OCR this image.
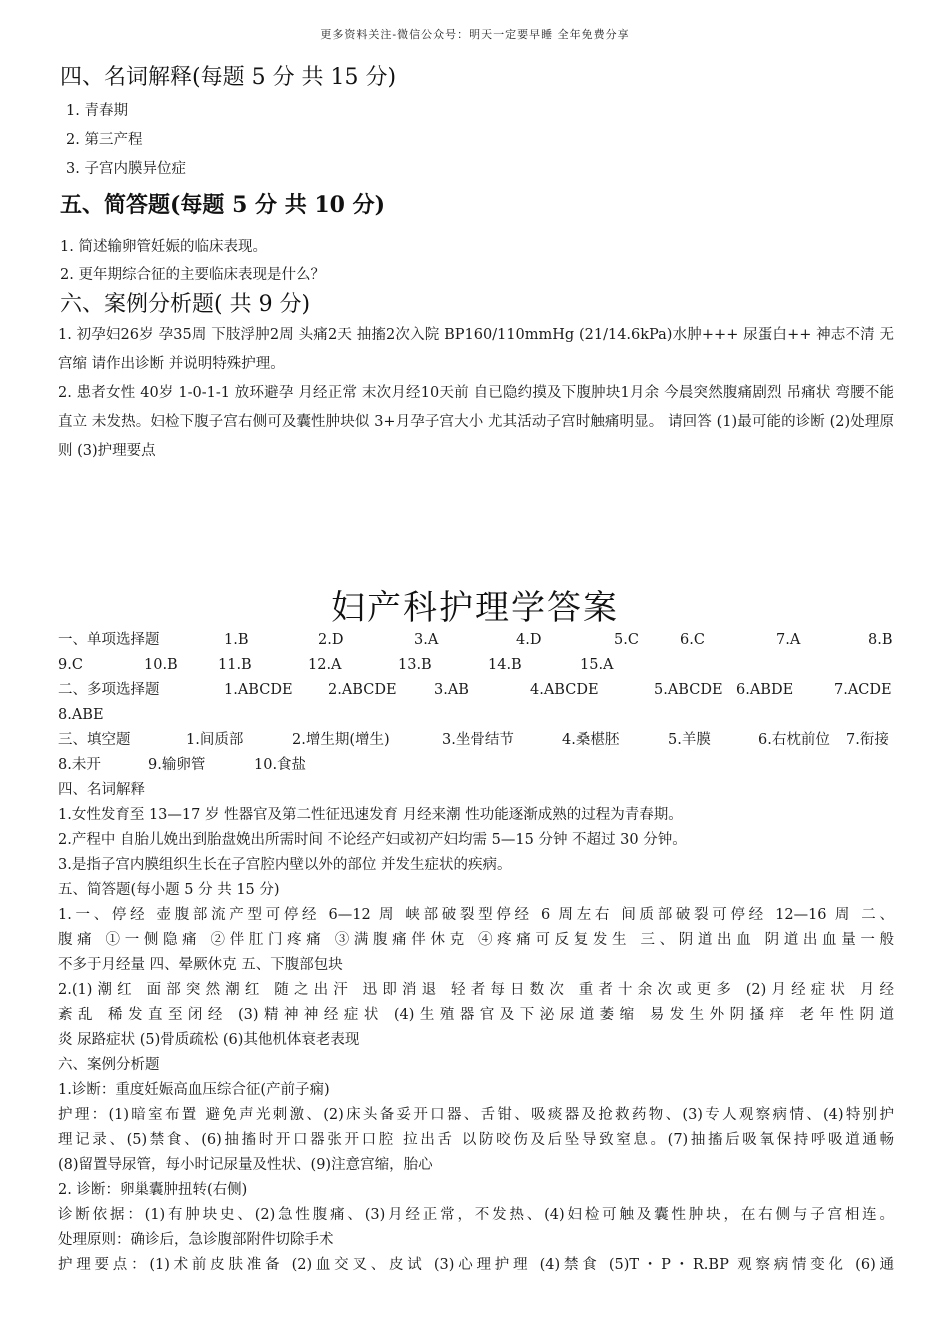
更多资料关注-微信公众号：明天一定要早睡 全年免费分享
四、名词解释(每题 5 分 共 15 分)
1. 青春期
2. 第三产程
3. 子宫内膜异位症
五、简答题(每题 5 分 共 10 分)
1. 简述输卵管妊娠的临床表现。
2. 更年期综合征的主要临床表现是什么？
六、案例分析题( 共 9 分)
1. 初孕妇26岁 孕35周 下肢浮肿2周 头痛2天 抽搐2次入院 BP160/110mmHg (21/14.6kPa)水肿+++ 尿蛋白++ 神志不清 无宫缩 请作出诊断 并说明特殊护理。
2. 患者女性 40岁 1-0-1-1 放环避孕 月经正常 末次月经10天前 自已隐约摸及下腹肿块1月余 今晨突然腹痛剧烈 吊痛状 弯腰不能直立 未发热。妇检下腹子宫右侧可及囊性肿块似 3+月孕子宫大小 尤其活动子宫时触痛明显。 请回答 (1)最可能的诊断 (2)处理原则 (3)护理要点
妇产科护理学答案
一、单项选择题	1.B	2.D	3.A	4.D	5.C	6.C	7.A	8.B
9.C	10.B	11.B	12.A	13.B	14.B	15.A
二、多项选择题	1.ABCDE 2.ABCDE	3.AB	4.ABCDE	5.ABCDE 6.ABDE	7.ACDE
8.ABE
三、填空题	1.间质部	2.增生期(增生)	3.坐骨结节	4.桑椹胚	5.羊膜	6.右枕前位 7.衔接
8.未开	9.输卵管	10.食盐
四、名词解释
1.女性发育至 13—17 岁 性器官及第二性征迅速发育 月经来潮 性功能逐渐成熟的过程为青春期。
2.产程中 自胎儿娩出到胎盘娩出所需时间 不论经产妇或初产妇均需 5—15 分钟 不超过 30 分钟。
3.是指子宫内膜组织生长在子宫腔内壁以外的部位 并发生症状的疾病。
五、简答题(每小题 5 分 共 15 分)
1.一、停经 壶腹部流产型可停经 6—12 周 峡部破裂型停经 6 周左右 间质部破裂可停经 12—16 周 二、
腹痛 ①一侧隐痛 ②伴肛门疼痛 ③满腹痛伴休克 ④疼痛可反复发生 三、阴道出血 阴道出血量一般
不多于月经量 四、晕厥休克 五、下腹部包块
2.(1)潮红 面部突然潮红 随之出汗 迅即消退 轻者每日数次 重者十余次或更多 (2)月经症状 月经
紊乱 稀发直至闭经 (3)精神神经症状 (4)生殖器官及下泌尿道萎缩 易发生外阴搔痒 老年性阴道
炎 尿路症状 (5)骨质疏松 (6)其他机体衰老表现
六、案例分析题
1.诊断：重度妊娠高血压综合征(产前子痫)
护理：(1)暗室布置 避免声光刺激、(2)床头备妥开口器、舌钳、吸痰器及抢救药物、(3)专人观察病情、(4)特别护
理记录、(5)禁食、(6)抽搐时开口器张开口腔 拉出舌 以防咬伤及后坠导致窒息。(7)抽搐后吸氧保持呼吸道通畅
(8)留置导尿管，每小时记尿量及性状、(9)注意宫缩，胎心
2. 诊断：卵巢囊肿扭转(右侧)
诊断依据：(1)有肿块史、(2)急性腹痛、(3)月经正常，不发热、(4)妇检可触及囊性肿块，在右侧与子宫相连。
处理原则：确诊后，急诊腹部附件切除手术
护理要点：(1)术前皮肤准备 (2)血交叉、皮试 (3)心理护理 (4)禁食 (5)T・P・R.BP 观察病情变化 (6)通
